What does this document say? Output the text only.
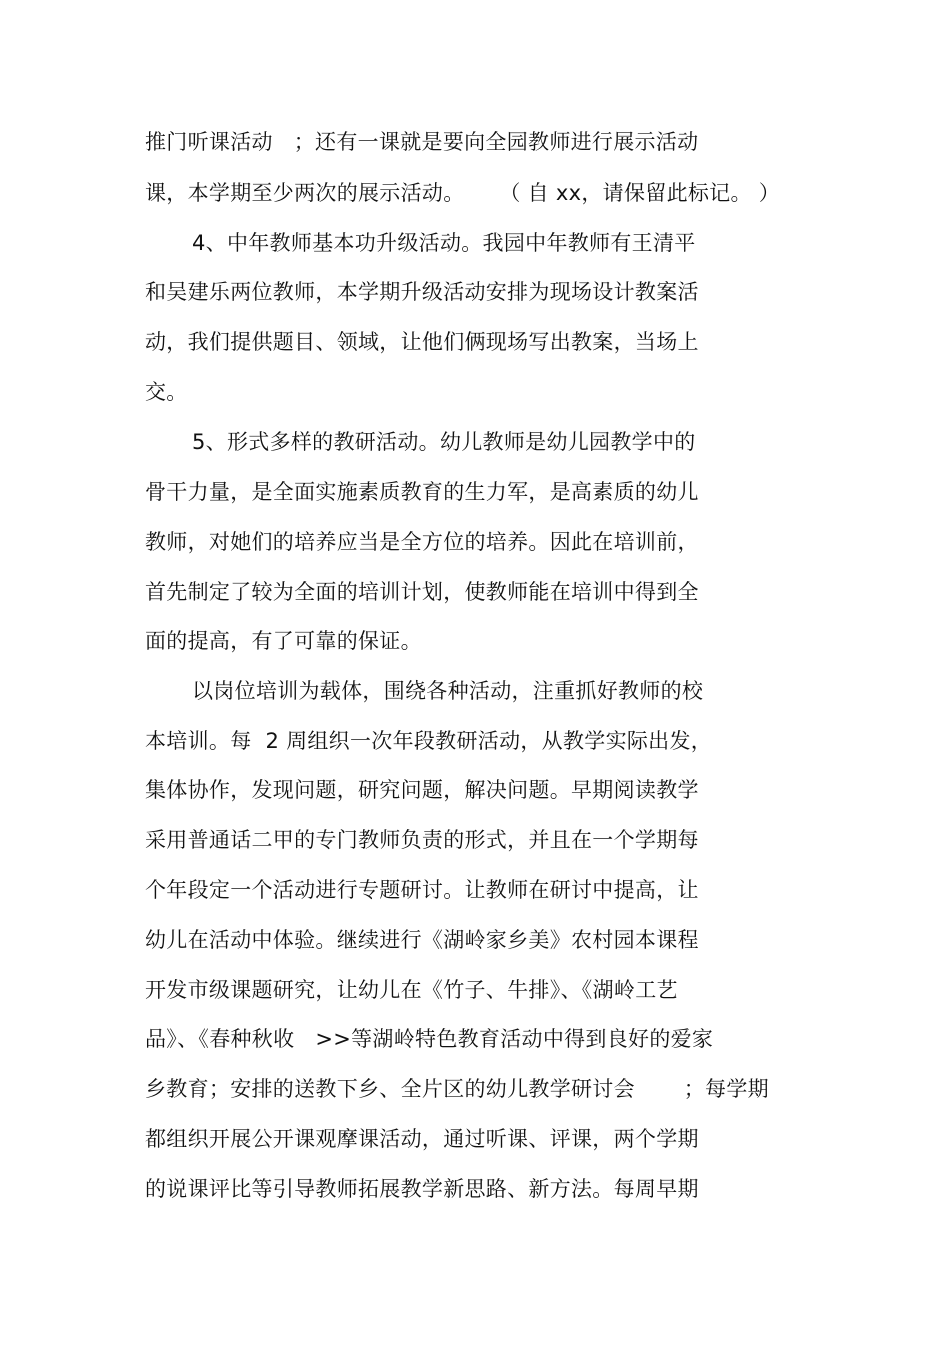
推门听课活动   ；还有一课就是要向全园教师进行展示活动
课，本学期至少两次的展示活动。     （ 自 xx，请保留此标记。 ）
4、中年教师基本功升级活动。我园中年教师有王清平
和吴建乐两位教师，本学期升级活动安排为现场设计教案活
动，我们提供题目、领域，让他们俩现场写出教案，当场上
交。
5、形式多样的教研活动。幼儿教师是幼儿园教学中的
骨干力量，是全面实施素质教育的生力军，是高素质的幼儿
教师，对她们的培养应当是全方位的培养。因此在培训前，
首先制定了较为全面的培训计划，使教师能在培训中得到全
面的提高，有了可靠的保证。
以岗位培训为载体，围绕各种活动，注重抓好教师的校
本培训。每  2 周组织一次年段教研活动，从教学实际出发，
集体协作，发现问题，研究问题，解决问题。早期阅读教学
采用普通话二甲的专门教师负责的形式，并且在一个学期每
个年段定一个活动进行专题研讨。让教师在研讨中提高，让
幼儿在活动中体验。继续进行《湖岭家乡美》农村园本课程
开发市级课题研究，让幼儿在《竹子、牛排》、《湖岭工艺
品》、《春种秋收   >>等湖岭特色教育活动中得到良好的爱家
乡教育；安排的送教下乡、全片区的幼儿教学研讨会       ；每学期
都组织开展公开课观摩课活动，通过听课、评课，两个学期
的说课评比等引导教师拓展教学新思路、新方法。每周早期
